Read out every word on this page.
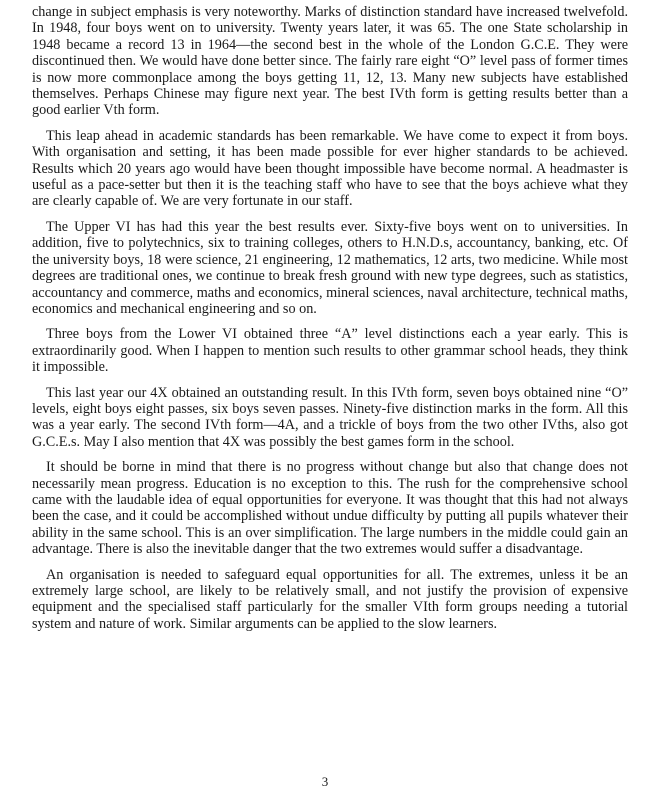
change in subject emphasis is very noteworthy. Marks of distinction standard have increased twelvefold. In 1948, four boys went on to university. Twenty years later, it was 65. The one State scholarship in 1948 became a record 13 in 1964—the second best in the whole of the London G.C.E. They were discontinued then. We would have done better since. The fairly rare eight “O” level pass of former times is now more commonplace among the boys getting 11, 12, 13. Many new subjects have established themselves. Perhaps Chinese may figure next year. The best IVth form is getting results better than a good earlier Vth form.

This leap ahead in academic standards has been remarkable. We have come to expect it from boys. With organisation and setting, it has been made possible for ever higher standards to be achieved. Results which 20 years ago would have been thought impossible have become normal. A headmaster is useful as a pace-setter but then it is the teaching staff who have to see that the boys achieve what they are clearly capable of. We are very fortunate in our staff.

The Upper VI has had this year the best results ever. Sixty-five boys went on to universities. In addition, five to polytechnics, six to training colleges, others to H.N.D.s, accountancy, banking, etc. Of the university boys, 18 were science, 21 engineering, 12 mathematics, 12 arts, two medicine. While most degrees are traditional ones, we continue to break fresh ground with new type degrees, such as statistics, accountancy and commerce, maths and economics, mineral sciences, naval architecture, technical maths, economics and mechanical engineering and so on.

Three boys from the Lower VI obtained three “A” level distinctions each a year early. This is extraordinarily good. When I happen to mention such results to other grammar school heads, they think it impossible.

This last year our 4X obtained an outstanding result. In this IVth form, seven boys obtained nine “O” levels, eight boys eight passes, six boys seven passes. Ninety-five distinction marks in the form. All this was a year early. The second IVth form—4A, and a trickle of boys from the two other IVths, also got G.C.E.s. May I also mention that 4X was possibly the best games form in the school.

It should be borne in mind that there is no progress without change but also that change does not necessarily mean progress. Education is no exception to this. The rush for the comprehensive school came with the laudable idea of equal opportunities for everyone. It was thought that this had not always been the case, and it could be accomplished without undue difficulty by putting all pupils whatever their ability in the same school. This is an over simplification. The large numbers in the middle could gain an advantage. There is also the inevitable danger that the two extremes would suffer a disadvantage.

An organisation is needed to safeguard equal opportunities for all. The extremes, unless it be an extremely large school, are likely to be relatively small, and not justify the provision of expensive equipment and the specialised staff particularly for the smaller VIth form groups needing a tutorial system and nature of work. Similar arguments can be applied to the slow learners.

3
